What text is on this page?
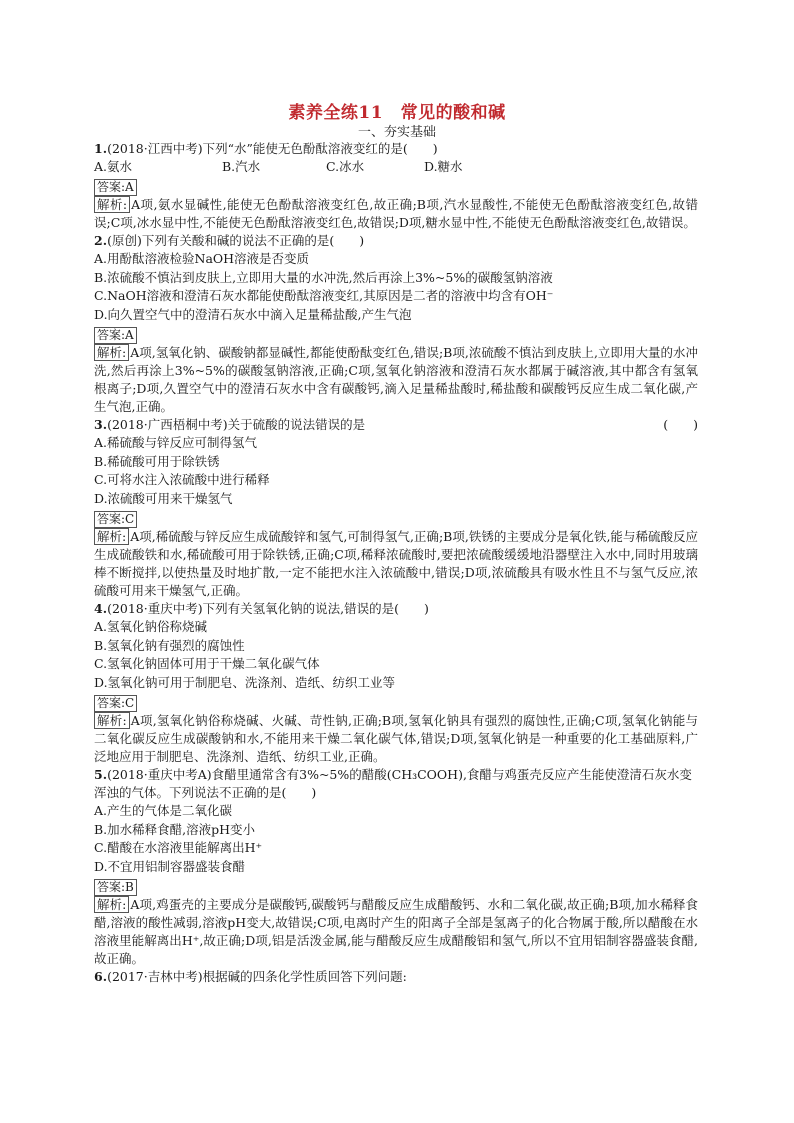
素养全练11　常见的酸和碱
一、夯实基础

1.(2018·江西中考)下列“水”能使无色酚酞溶液变红的是(　　)

A.氨水	B.汽水	C.冰水	D.糖水
答案:A

解析: A项,氨水显碱性,能使无色酚酞溶液变红色,故正确;B项,汽水显酸性,不能使无色酚酞溶液变红色,故错误;C项,冰水显中性,不能使无色酚酞溶液变红色,故错误;D项,糖水显中性,不能使无色酚酞溶液变红色,故错误。

2.(原创)下列有关酸和碱的说法不正确的是(　　)

A.用酚酞溶液检验NaOH溶液是否变质

B.浓硫酸不慎沾到皮肤上,立即用大量的水冲洗,然后再涂上3%~5%的碳酸氢钠溶液

C.NaOH溶液和澄清石灰水都能使酚酞溶液变红,其原因是二者的溶液中均含有OH⁻

D.向久置空气中的澄清石灰水中滴入足量稀盐酸,产生气泡

答案:A

解析: A项,氢氧化钠、碳酸钠都显碱性,都能使酚酞变红色,错误;B项,浓硫酸不慎沾到皮肤上,立即用大量的水冲洗,然后再涂上3%~5%的碳酸氢钠溶液,正确;C项,氢氧化钠溶液和澄清石灰水都属于碱溶液,其中都含有氢氧根离子;D项,久置空气中的澄清石灰水中含有碳酸钙,滴入足量稀盐酸时,稀盐酸和碳酸钙反应生成二氧化碳,产生气泡,正确。

3.(2018·广西梧桐中考)关于硫酸的说法错误的是	(　　)

A.稀硫酸与锌反应可制得氢气

B.稀硫酸可用于除铁锈

C.可将水注入浓硫酸中进行稀释

D.浓硫酸可用来干燥氢气

答案:C

解析: A项,稀硫酸与锌反应生成硫酸锌和氢气,可制得氢气,正确;B项,铁锈的主要成分是氧化铁,能与稀硫酸反应生成硫酸铁和水,稀硫酸可用于除铁锈,正确;C项,稀释浓硫酸时,要把浓硫酸缓缓地沿器壁注入水中,同时用玻璃棒不断搅拌,以使热量及时地扩散,一定不能把水注入浓硫酸中,错误;D项,浓硫酸具有吸水性且不与氢气反应,浓硫酸可用来干燥氢气,正确。

4.(2018·重庆中考)下列有关氢氧化钠的说法,错误的是(　　)

A.氢氧化钠俗称烧碱

B.氢氧化钠有强烈的腐蚀性

C.氢氧化钠固体可用于干燥二氧化碳气体

D.氢氧化钠可用于制肥皂、洗涤剂、造纸、纺织工业等

答案:C

解析: A项,氢氧化钠俗称烧碱、火碱、苛性钠,正确;B项,氢氧化钠具有强烈的腐蚀性,正确;C项,氢氧化钠能与二氧化碳反应生成碳酸钠和水,不能用来干燥二氧化碳气体,错误;D项,氢氧化钠是一种重要的化工基础原料,广泛地应用于制肥皂、洗涤剂、造纸、纺织工业,正确。

5.(2018·重庆中考A)食醋里通常含有3%~5%的醋酸(CH₃COOH),食醋与鸡蛋壳反应产生能使澄清石灰水变浑浊的气体。下列说法不正确的是(　　)

A.产生的气体是二氧化碳

B.加水稀释食醋,溶液pH变小

C.醋酸在水溶液里能解离出H⁺

D.不宜用铝制容器盛装食醋

答案:B

解析: A项,鸡蛋壳的主要成分是碳酸钙,碳酸钙与醋酸反应生成醋酸钙、水和二氧化碳,故正确;B项,加水稀释食醋,溶液的酸性减弱,溶液pH变大,故错误;C项,电离时产生的阳离子全部是氢离子的化合物属于酸,所以醋酸在水溶液里能解离出H⁺,故正确;D项,铝是活泼金属,能与醋酸反应生成醋酸铝和氢气,所以不宜用铝制容器盛装食醋,故正确。

6.(2017·吉林中考)根据碱的四条化学性质回答下列问题:
